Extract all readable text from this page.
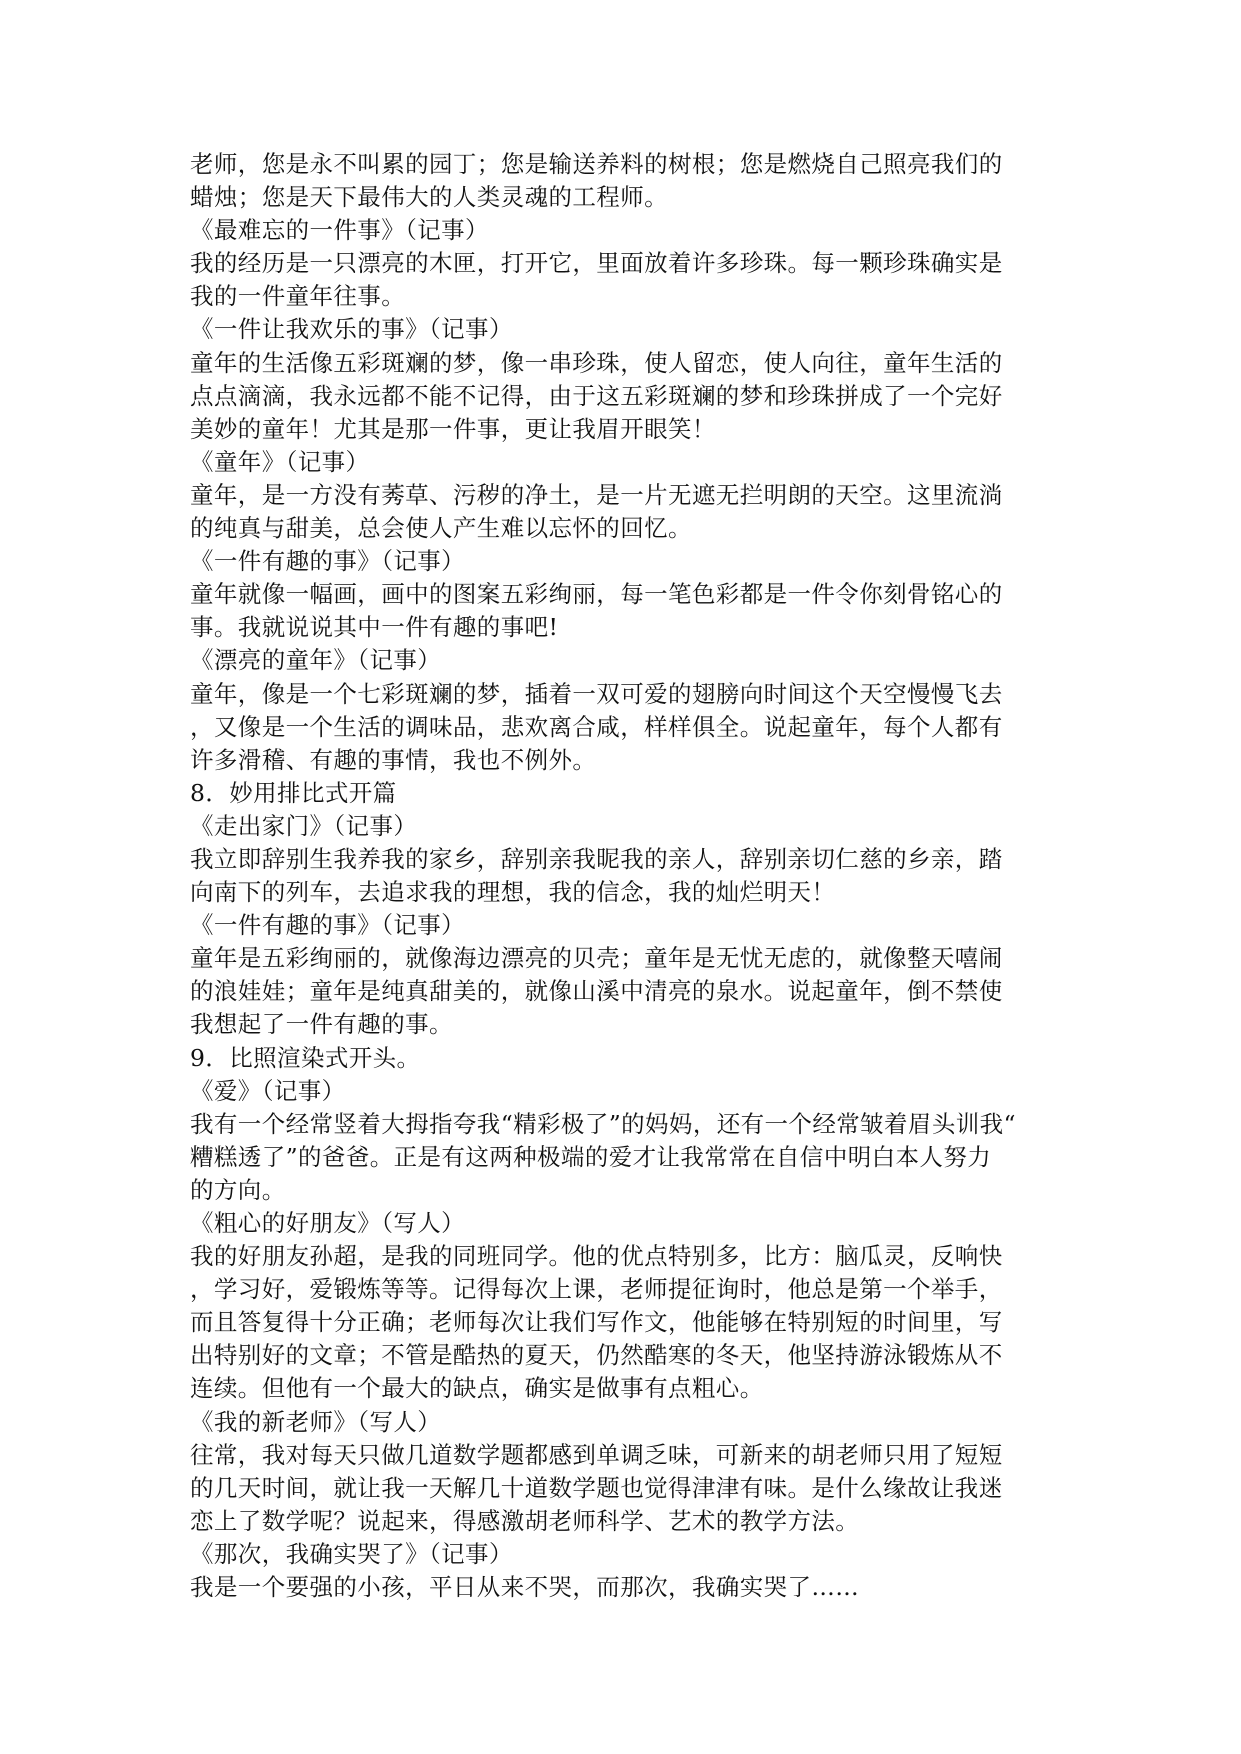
老师，您是永不叫累的园丁；您是输送养料的树根；您是燃烧自己照亮我们的
蜡烛；您是天下最伟大的人类灵魂的工程师。
《最难忘的一件事》（记事）
我的经历是一只漂亮的木匣，打开它，里面放着许多珍珠。每一颗珍珠确实是
我的一件童年往事。
《一件让我欢乐的事》（记事）
童年的生活像五彩斑斓的梦，像一串珍珠，使人留恋，使人向往，童年生活的
点点滴滴，我永远都不能不记得，由于这五彩斑斓的梦和珍珠拼成了一个完好
美妙的童年！尤其是那一件事，更让我眉开眼笑！
《童年》（记事）
童年，是一方没有莠草、污秽的净土，是一片无遮无拦明朗的天空。这里流淌
的纯真与甜美，总会使人产生难以忘怀的回忆。
《一件有趣的事》（记事）
童年就像一幅画，画中的图案五彩绚丽，每一笔色彩都是一件令你刻骨铭心的
事。我就说说其中一件有趣的事吧!
《漂亮的童年》（记事）
童年，像是一个七彩斑斓的梦，插着一双可爱的翅膀向时间这个天空慢慢飞去
，又像是一个生活的调味品，悲欢离合咸，样样俱全。说起童年，每个人都有
许多滑稽、有趣的事情，我也不例外。
8．妙用排比式开篇
《走出家门》（记事）
我立即辞别生我养我的家乡，辞别亲我昵我的亲人，辞别亲切仁慈的乡亲，踏
向南下的列车，去追求我的理想，我的信念，我的灿烂明天！
《一件有趣的事》（记事）
童年是五彩绚丽的，就像海边漂亮的贝壳；童年是无忧无虑的，就像整天嘻闹
的浪娃娃；童年是纯真甜美的，就像山溪中清亮的泉水。说起童年，倒不禁使
我想起了一件有趣的事。
9．比照渲染式开头。
《爱》（记事）
我有一个经常竖着大拇指夸我“精彩极了”的妈妈，还有一个经常皱着眉头训我“
糟糕透了”的爸爸。正是有这两种极端的爱才让我常常在自信中明白本人努力
的方向。
《粗心的好朋友》（写人）
我的好朋友孙超，是我的同班同学。他的优点特别多，比方：脑瓜灵，反响快
，学习好，爱锻炼等等。记得每次上课，老师提征询时，他总是第一个举手，
而且答复得十分正确；老师每次让我们写作文，他能够在特别短的时间里，写
出特别好的文章；不管是酷热的夏天，仍然酷寒的冬天，他坚持游泳锻炼从不
连续。但他有一个最大的缺点，确实是做事有点粗心。
《我的新老师》（写人）
往常，我对每天只做几道数学题都感到单调乏味，可新来的胡老师只用了短短
的几天时间，就让我一天解几十道数学题也觉得津津有味。是什么缘故让我迷
恋上了数学呢？说起来，得感激胡老师科学、艺术的教学方法。
《那次，我确实哭了》（记事）
我是一个要强的小孩，平日从来不哭，而那次，我确实哭了……
